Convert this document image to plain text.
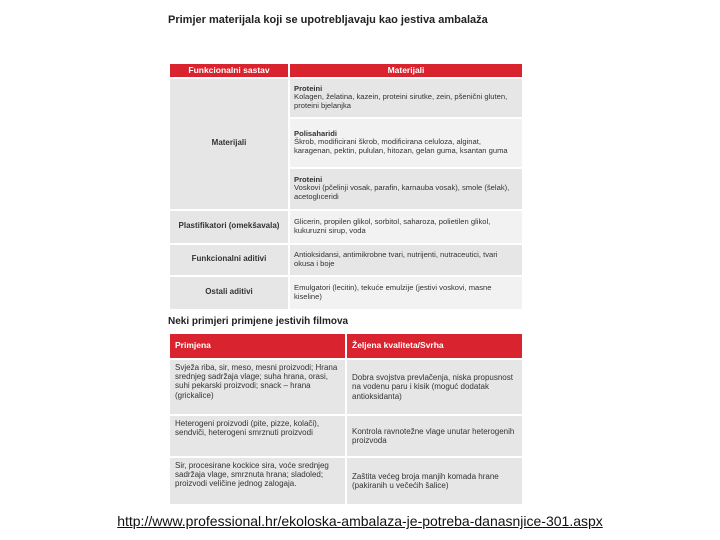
Primjer materijala koji se upotrebljavaju kao jestiva ambalaža
Funkcionalni sastav	Materijali
Materijali	Proteini
Kolagen, želatina, kazein, proteini sirutke, zein, pšenični gluten, proteini bjelanjka

	Polisaharidi
Škrob, modificirani škrob, modificirana celuloza, alginat, karagenan, pektin, pululan, hitozan, gelan guma, ksantan guma

	Proteini
Voskovi (pčelinji vosak, parafin, karnauba vosak), smole (šelak), acetoglıceridi
Plastifikatori (omekšavala)	Glicerin, propilen glikol, sorbitol, saharoza, polietilen glikol, kukuruzni sirup, voda
Funkcionalni aditivi	Antioksidansi, antimikrobne tvari, nutrijenti, nutraceutici, tvari okusa i boje
Ostali aditivi	Emulgatori (lecitin), tekuće emulzije (jestivi voskovi, masne kiseline)
Neki primjeri primjene jestivih filmova
Primjena	Željena kvaliteta/Svrha
Svježa riba, sir, meso, mesni proizvodi; Hrana srednjeg sadržaja vlage; suha hrana, orasi, suhi pekarski proizvodi; snack – hrana (grickalice)	Dobra svojstva prevlačenja, niska propusnost na vodenu paru i kisik (moguć dodatak antioksidanta)
Heterogeni proizvodi (pite, pizze, kolači), sendviči, heterogeni smrznuti proizvodi	Kontrola ravnotežne vlage unutar heterogenih proizvoda
Sir, procesirane kockice sira, voće srednjeg sadržaja vlage, smrznuta hrana; sladoled; proizvodi veličine jednog zalogaja.	Zaštita većeg broja manjih komada hrane (pakiranih u večećih šalice)
http://www.professional.hr/ekoloska-ambalaza-je-potreba-danasnjice-301.aspx
